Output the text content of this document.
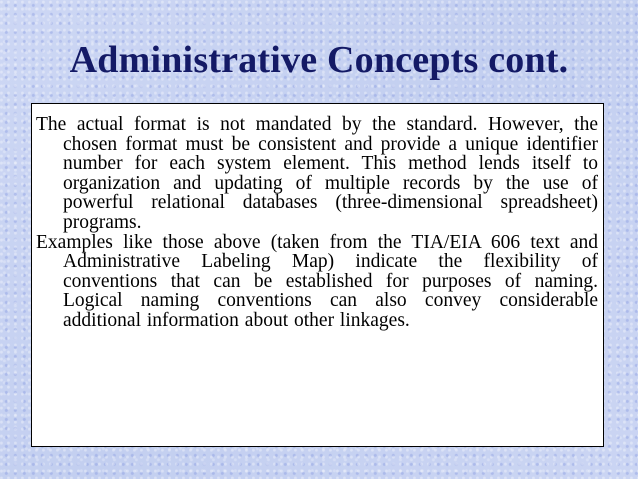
Administrative Concepts cont.

The actual format is not mandated by the standard. However, the chosen format must be consistent and provide a unique identifier number for each system element. This method lends itself to organization and updating of multiple records by the use of powerful relational databases (three-dimensional spreadsheet) programs.

Examples like those above (taken from the TIA/EIA 606 text and Administrative Labeling Map) indicate the flexibility of conventions that can be established for purposes of naming. Logical naming conventions can also convey considerable additional information about other linkages.
